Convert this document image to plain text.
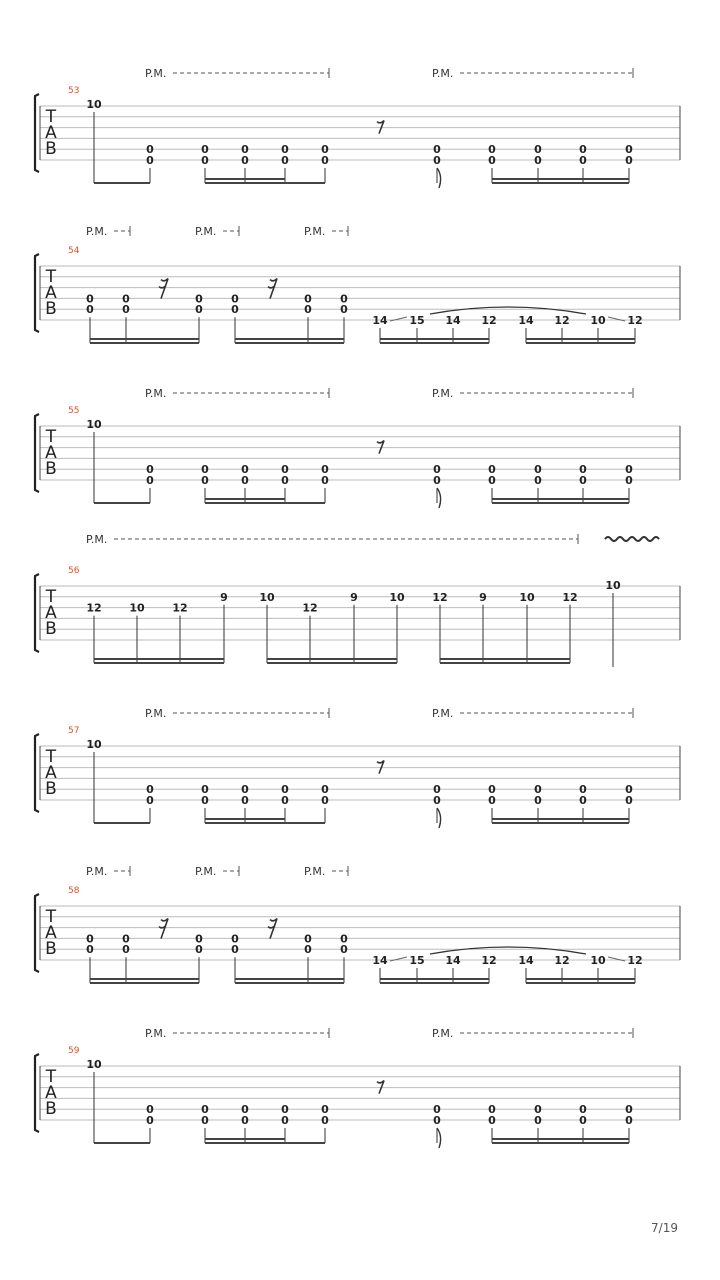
T
A
B
53
P.M.	P.M.
10
0
0
0
0
0
0
0
0
0
0
0
0
0
0
0
0
0
0
0
0
T
A
B
54
P.M.	P.M.	P.M.
0
0
0
0
0
0
0
0
0
0
0
0
14 15 14 12 14 12 10 12
T
A
B
55
P.M.	P.M.
10
0
0
0
0
0
0
0
0
0
0
0
0
0
0
0
0
0
0
0
0
T
A
B
56
P.M.
12	10	12
9	10
12
9	10	12	9	10	12
10
T
A
B
57
P.M.	P.M.
10
0
0
0
0
0
0
0
0
0
0
0
0
0
0
0
0
0
0
0
0
T
A
B
58
P.M.	P.M.	P.M.
0
0
0
0
0
0
0
0
0
0
0
0
14 15 14 12 14 12 10 12
T
A
B
59
P.M.	P.M.
10
0
0
0
0
0
0
0
0
0
0
0
0
0
0
0
0
0
0
0
0
7/19
